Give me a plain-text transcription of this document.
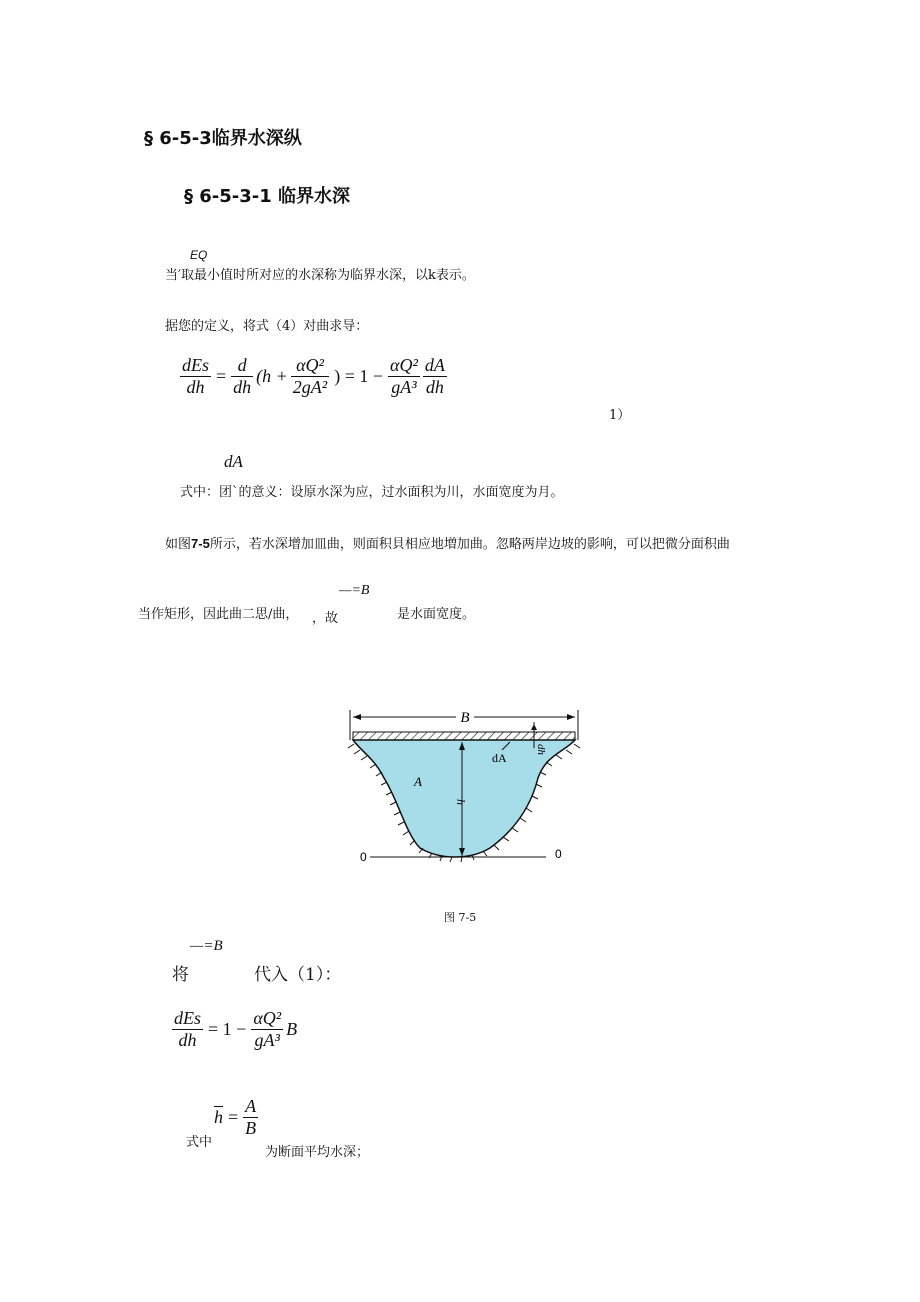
§ 6-5-3临界水深纵
§ 6-5-3-1 临界水深
EQ
当′取最小值时所对应的水深称为临界水深，以k表示。
据您的定义，将式（4）对曲求导：
$\frac{\text{dEs}}{dh} = \frac{d}{dh} (h + \frac{\text{αQ²}}{\text{2gA²}}$ ) = $1 - \frac{\text{αQ²}}{\text{gA³}} \frac{dA}{dh}$
1）
dA
式中：团`的意义：设原水深为应，过水面积为川，水面宽度为月。
如图7-5所示，若水深增加皿曲，则面积貝相应地増加曲。忽略两岸边坡的影响，可以把微分面积曲
—=B
当作矩形，因此曲二思/曲， ， 故	是水面宽度。
B
h
dh
dA
A
0	0
图 7-5
—=B
将	代入（1）：
$\frac{\text{dEs}}{dh} = 1 - \frac{\text{αQ²}}{\text{gA³}}$ B
$\overline{h} = \frac{A}{B}$
式中
为断面平均水深；
